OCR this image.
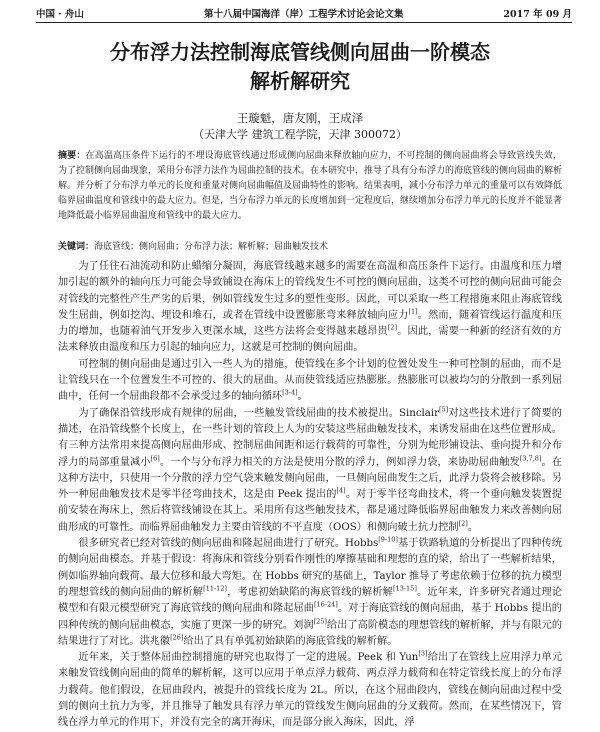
中国 · 舟山	第十八届中国海洋（岸）工程学术讨论会论文集	2017 年 09 月
分布浮力法控制海底管线侧向屈曲一阶模态
解析解研究
王璇魁，唐友刚，王成泽
（天津大学 建筑工程学院，天津 300072）

摘要：在高温高压条件下运行的不埋设海底管线通过形成侧向屈曲来释放轴向应力，不可控制的侧向屈曲将会导致管线失效，为了控制侧向屈曲现象，采用分布浮力法作为屈曲控制的技术。在本研究中，推导了具有分布浮力的海底管线的侧向屈曲的解析解。并分析了分布浮力单元的长度和重量对侧向屈曲幅值及屈曲特性的影响。结果表明，减小分布浮力单元的重量可以有效降低临界屈曲温度和管线中的最大应力。但是，当分布浮力单元的长度增加到一定程度后，继续增加分布浮力单元的长度并不能显著地降低最小临界屈曲温度和管线中的最大应力。

关键词：海底管线；侧向屈曲；分布浮力法；解析解；屈曲触发技术

为了任往石油流动和防止蜡缩分凝固，海底管线越来越多的需要在高温和高压条件下运行。由温度和压力增加引起的额外的轴向压力可能会导致铺设在海床上的管线发生不可控的侧向屈曲，这类不可控的侧向屈曲可能会对管线的完整性产生严劣的后果，例如管线发生过多的塑性变形。因此，可以采取一些工程措施来阻止海底管线发生屈曲，例如挖沟、埋设和堆石，或者在管线中设置膨胀弯来释放轴向应力[1]。然而，随着管线运行温度和压力的增加，也随着油气开发步入更深水域，这些方法将会变得越来越昂贵[2]。因此，需要一种新的经济有效的方法来释放由温度和压力引起的轴向应力，这就是可控制的侧向屈曲。

可控制的侧向屈曲是通过引入一些人为的措施，使管线在多个计划的位置处发生一种可控制的屈曲，而不是让管线只在一个位置发生不可控的、很大的屈曲。从而使管线适应热膨胀。热膨胀可以被均匀的分散到一系列屈曲中，任何一个屈曲段都不会承受过多的轴向循环[3-4]。

为了确保沿管线形成有规律的屈曲，一些触发管线屈曲的技术被提出。Sinclair[5]对这些技术进行了简要的描述，在沿管线整个长度上，在一些计划的管段上人为的安装这些屈曲触发技术，来诱发屈曲在这些位置形成。有三种方法常用来提高侧向屈曲形成、控制屈曲间距和运行载荷的可靠性，分别为蛇形铺设法、垂向提升和分布浮力的局部重量减小[6]。一个与分布浮力相关的方法是使用分散的浮力，例如浮力袋，来协助屈曲触发[3,7,8]。在这种方法中，只使用一个分散的浮力空气袋来触发侧向屈曲，一旦侧向屈曲发生之后，此浮力袋将会被移除。另外一种屈曲触发技术是零半径弯曲技术，这是由 Peek 提出的[4]。对于零半径弯曲技术，将一个垂向触发装置提前安装在海床上，然后将管线铺设在其上。采用所有这些触发技术，都是通过降低临界屈曲触发力来改善侧向屈曲形成的可靠性。而临界屈曲触发力主要由管线的不平直度（OOS）和侧向破土抗力控制[2]。

很多研究者已经对管线的侧向屈曲和隆起屈曲进行了研究。Hobbs[9-10]基于铁路轨道的分析提出了四种传统的侧向屈曲模态。并基于假设：将海床和管线分别看作刚性的摩擦基础和理想的直的梁，给出了一些解析结果，例如临界轴向载荷、最大位移和最大弯矩。在 Hobbs 研究的基础上，Taylor 推导了考虑依赖于位移的抗力模型的理想管线的侧向屈曲的解析解[11-12]，考虑初始缺陷的海底管线的解析解[13-15]。近年来，许多研究者通过理论模型和有限元模型研究了海底管线的侧向屈曲和隆起屈曲[16-24]。对于海底管线的侧向屈曲，基于 Hobbs 提出的四种传统的侧向屈曲模态，实施了更深一步的研究。刘润[25]给出了高阶模态的理想管线的解析解，并与有限元的结果进行了对比。洪兆徽[26]给出了具有单弧初始缺陷的海底管线的解析解。

近年来，关于整体屈曲控制措施的研究也取得了一定的进展。Peek 和 Yun[3]给出了在管线上应用浮力单元来触发管线侧向屈曲的简单的解析解，这可以应用于单点浮力载荷、两点浮力载荷和在特定管线长度上的分布浮力载荷。他们假设，在屈曲段内，被提升的管线长度为 2L。所以，在这个屈曲段内，管线在侧向屈曲过程中受到的侧向土抗力为零，并且推导了触发具有浮力单元的管线发生侧向屈曲的分叉载荷。然而，在某些情况下，管线在浮力单元的作用下，并没有完全的离开海床，而是部分嵌入海床，因此，浮
